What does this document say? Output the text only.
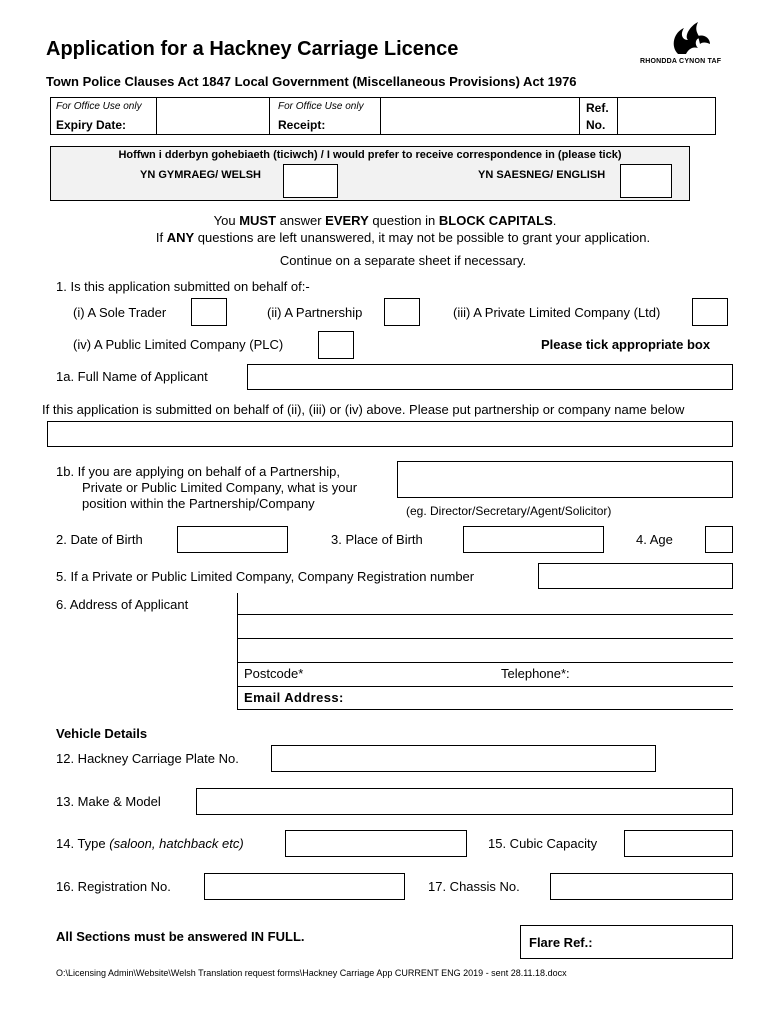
Application for a Hackney Carriage Licence
Town Police Clauses Act 1847 Local Government (Miscellaneous Provisions) Act 1976
RHONDDA CYNON TAF
For Office Use only
Expiry Date:
For Office Use only
Receipt:
Ref.
No.
Hoffwn i dderbyn gohebiaeth (ticiwch) / I would prefer to receive correspondence in (please tick)
YN GYMRAEG/ WELSH	YN SAESNEG/ ENGLISH
You MUST answer EVERY question in BLOCK CAPITALS.
If ANY questions are left unanswered, it may not be possible to grant your application.
Continue on a separate sheet if necessary.
1. Is this application submitted on behalf of:-
(i) A Sole Trader	(ii) A Partnership	(iii) A Private Limited Company (Ltd)
(iv) A Public Limited Company (PLC)	Please tick appropriate box
1a. Full Name of Applicant
If this application is submitted on behalf of (ii), (iii) or (iv) above. Please put partnership or company name below
1b. If you are applying on behalf of a Partnership,
Private or Public Limited Company, what is your
position within the Partnership/Company	(eg. Director/Secretary/Agent/Solicitor)
2. Date of Birth	3. Place of Birth	4. Age
5. If a Private or Public Limited Company, Company Registration number
6. Address of Applicant
Postcode*	Telephone*:
Email Address:
Vehicle Details
12. Hackney Carriage Plate No.
13. Make & Model
14. Type (saloon, hatchback etc)	15. Cubic Capacity
16. Registration No.	17. Chassis No.
All Sections must be answered IN FULL.	Flare Ref.:
O:\Licensing Admin\Website\Welsh Translation request forms\Hackney Carriage App CURRENT ENG 2019 - sent 28.11.18.docx
